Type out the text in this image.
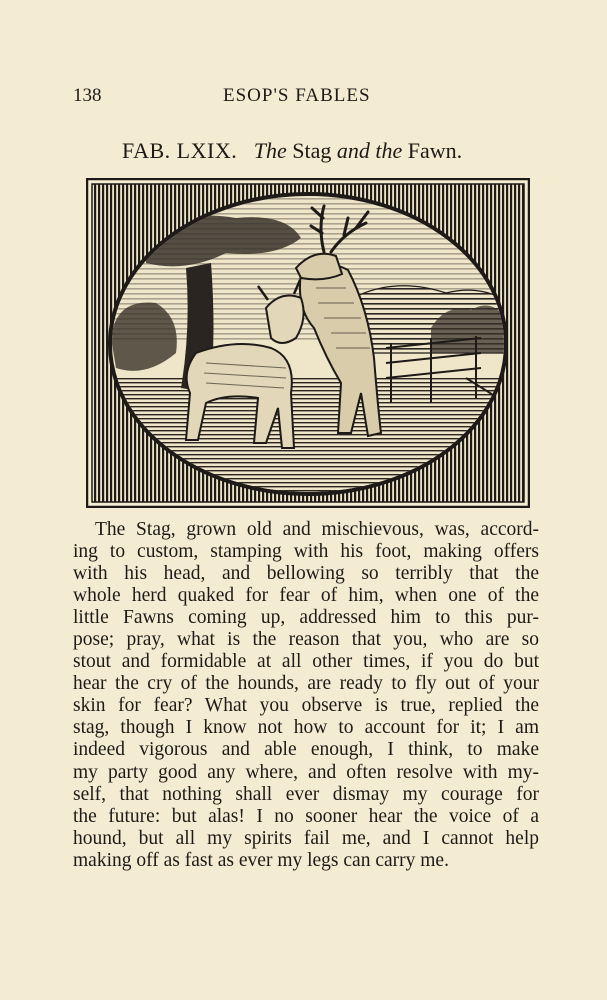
138	ESOP'S FABLES
FAB. LXIX. The Stag and the Fawn.

The Stag, grown old and mischievous, was, accord-
ing to custom, stamping with his foot, making offers
with his head, and bellowing so terribly that the
whole herd quaked for fear of him, when one of the
little Fawns coming up, addressed him to this pur-
pose; pray, what is the reason that you, who are so
stout and formidable at all other times, if you do but
hear the cry of the hounds, are ready to fly out of your
skin for fear? What you observe is true, replied the
stag, though I know not how to account for it; I am
indeed vigorous and able enough, I think, to make
my party good any where, and often resolve with my-
self, that nothing shall ever dismay my courage for
the future: but alas! I no sooner hear the voice of a
hound, but all my spirits fail me, and I cannot help
making off as fast as ever my legs can carry me.
